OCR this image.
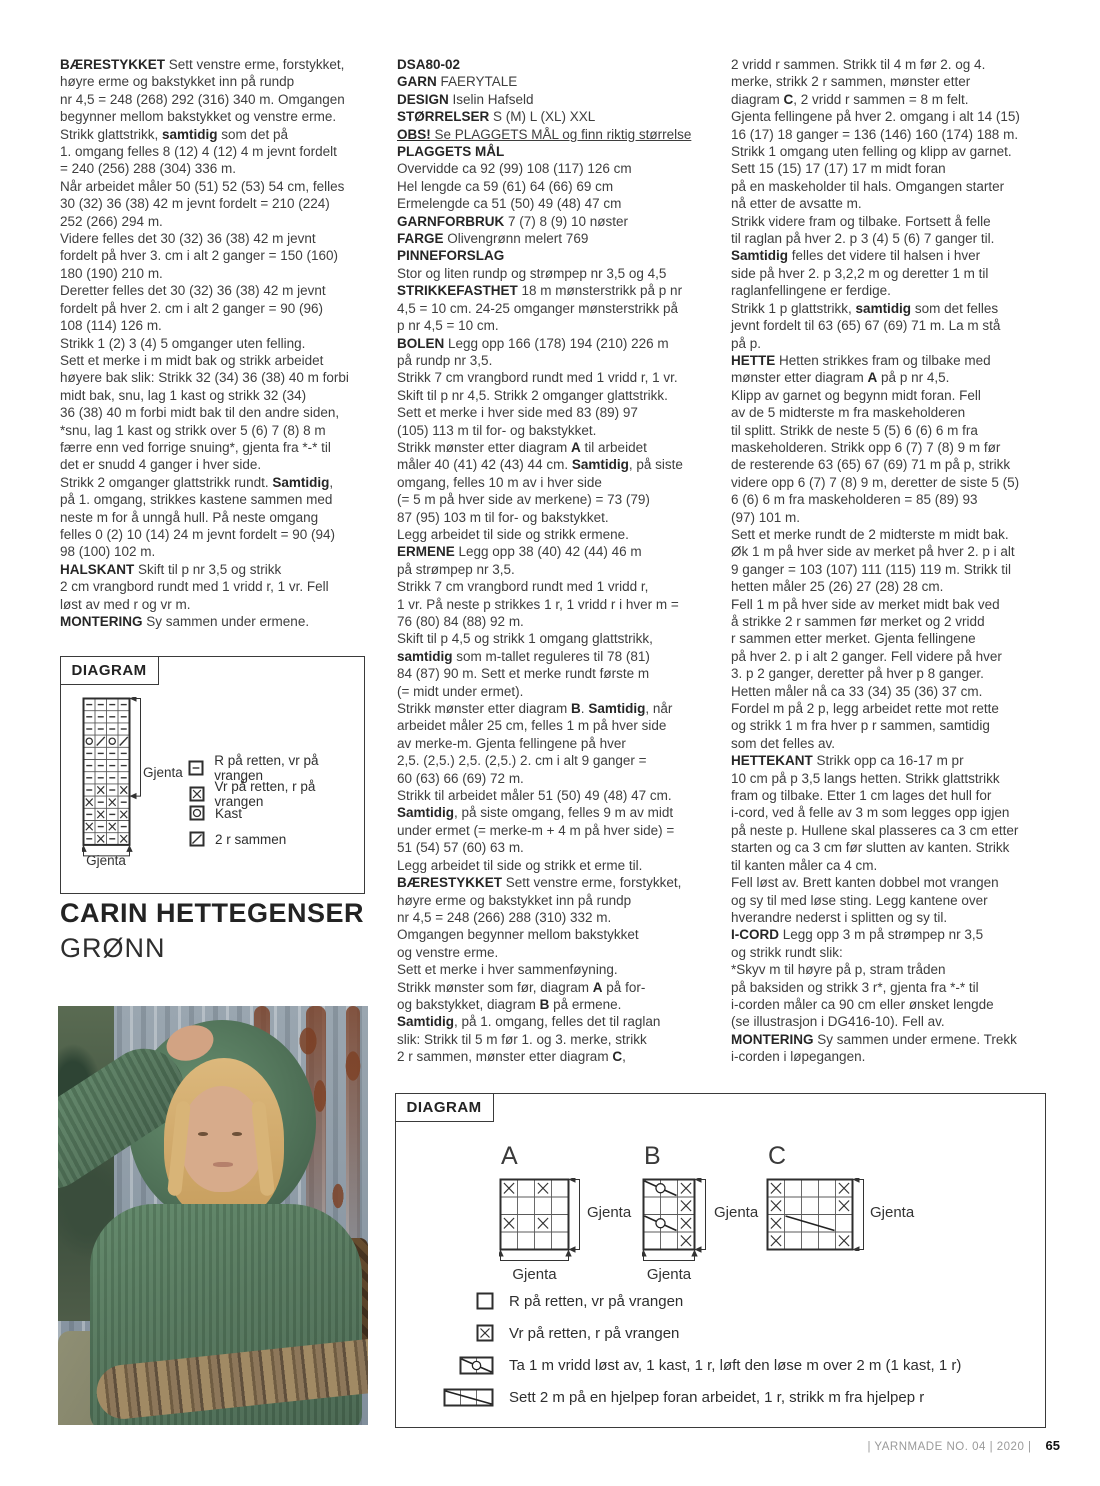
BÆRESTYKKET Sett venstre erme, forstykket,
høyre erme og bakstykket inn på rundp
nr 4,5 = 248 (268) 292 (316) 340 m. Omgangen
begynner mellom bakstykket og venstre erme.
Strikk glattstrikk, samtidig som det på
1. omgang felles 8 (12) 4 (12) 4 m jevnt fordelt
= 240 (256) 288 (304) 336 m.
Når arbeidet måler 50 (51) 52 (53) 54 cm, felles
30 (32) 36 (38) 42 m jevnt fordelt = 210 (224)
252 (266) 294 m.
Videre felles det 30 (32) 36 (38) 42 m jevnt
fordelt på hver 3. cm i alt 2 ganger = 150 (160)
180 (190) 210 m.
Deretter felles det 30 (32) 36 (38) 42 m jevnt
fordelt på hver 2. cm i alt 2 ganger = 90 (96)
108 (114) 126 m.
Strikk 1 (2) 3 (4) 5 omganger uten felling.
Sett et merke i m midt bak og strikk arbeidet
høyere bak slik: Strikk 32 (34) 36 (38) 40 m forbi
midt bak, snu, lag 1 kast og strikk 32 (34)
36 (38) 40 m forbi midt bak til den andre siden,
*snu, lag 1 kast og strikk over 5 (6) 7 (8) 8 m
færre enn ved forrige snuing*, gjenta fra *-* til
det er snudd 4 ganger i hver side.
Strikk 2 omganger glattstrikk rundt. Samtidig,
på 1. omgang, strikkes kastene sammen med
neste m for å unngå hull. På neste omgang
felles 0 (2) 10 (14) 24 m jevnt fordelt = 90 (94)
98 (100) 102 m.
HALSKANT Skift til p nr 3,5 og strikk
2 cm vrangbord rundt med 1 vridd r, 1 vr. Fell
løst av med r og vr m.
MONTERING Sy sammen under ermene.
DSA80-02
GARN FAERYTALE
DESIGN Iselin Hafseld
STØRRELSER S (M) L (XL) XXL
OBS! Se PLAGGETS MÅL og finn riktig størrelse
PLAGGETS MÅL
Overvidde ca 92 (99) 108 (117) 126 cm
Hel lengde ca 59 (61) 64 (66) 69 cm
Ermelengde ca 51 (50) 49 (48) 47 cm
GARNFORBRUK 7 (7) 8 (9) 10 nøster
FARGE Olivengrønn melert 769
PINNEFORSLAG
Stor og liten rundp og strømpep nr 3,5 og 4,5
STRIKKEFASTHET 18 m mønsterstrikk på p nr
4,5 = 10 cm. 24-25 omganger mønsterstrikk på
p nr 4,5 = 10 cm.
BOLEN Legg opp 166 (178) 194 (210) 226 m
på rundp nr 3,5.
Strikk 7 cm vrangbord rundt med 1 vridd r, 1 vr.
Skift til p nr 4,5. Strikk 2 omganger glattstrikk.
Sett et merke i hver side med 83 (89) 97
(105) 113 m til for- og bakstykket.
Strikk mønster etter diagram A til arbeidet
måler 40 (41) 42 (43) 44 cm. Samtidig, på siste
omgang, felles 10 m av i hver side
(= 5 m på hver side av merkene) = 73 (79)
87 (95) 103 m til for- og bakstykket.
Legg arbeidet til side og strikk ermene.
ERMENE Legg opp 38 (40) 42 (44) 46 m
på strømpep nr 3,5.
Strikk 7 cm vrangbord rundt med 1 vridd r,
1 vr. På neste p strikkes 1 r, 1 vridd r i hver m =
76 (80) 84 (88) 92 m.
Skift til p 4,5 og strikk 1 omgang glattstrikk,
samtidig som m-tallet reguleres til 78 (81)
84 (87) 90 m. Sett et merke rundt første m
(= midt under ermet).
Strikk mønster etter diagram B. Samtidig, når
arbeidet måler 25 cm, felles 1 m på hver side
av merke-m. Gjenta fellingene på hver
2,5. (2,5.) 2,5. (2,5.) 2. cm i alt 9 ganger =
60 (63) 66 (69) 72 m.
Strikk til arbeidet måler 51 (50) 49 (48) 47 cm.
Samtidig, på siste omgang, felles 9 m av midt
under ermet (= merke-m + 4 m på hver side) =
51 (54) 57 (60) 63 m.
Legg arbeidet til side og strikk et erme til.
BÆRESTYKKET Sett venstre erme, forstykket,
høyre erme og bakstykket inn på rundp
nr 4,5 = 248 (266) 288 (310) 332 m.
Omgangen begynner mellom bakstykket
og venstre erme.
Sett et merke i hver sammenføyning.
Strikk mønster som før, diagram A på for-
og bakstykket, diagram B på ermene.
Samtidig, på 1. omgang, felles det til raglan
slik: Strikk til 5 m før 1. og 3. merke, strikk
2 r sammen, mønster etter diagram C,
2 vridd r sammen. Strikk til 4 m før 2. og 4.
merke, strikk 2 r sammen, mønster etter
diagram C, 2 vridd r sammen = 8 m felt.
Gjenta fellingene på hver 2. omgang i alt 14 (15)
16 (17) 18 ganger = 136 (146) 160 (174) 188 m.
Strikk 1 omgang uten felling og klipp av garnet.
Sett 15 (15) 17 (17) 17 m midt foran
på en maskeholder til hals. Omgangen starter
nå etter de avsatte m.
Strikk videre fram og tilbake. Fortsett å felle
til raglan på hver 2. p 3 (4) 5 (6) 7 ganger til.
Samtidig felles det videre til halsen i hver
side på hver 2. p 3,2,2 m og deretter 1 m til
raglanfellingene er ferdige.
Strikk 1 p glattstrikk, samtidig som det felles
jevnt fordelt til 63 (65) 67 (69) 71 m. La m stå
på p.
HETTE Hetten strikkes fram og tilbake med
mønster etter diagram A på p nr 4,5.
Klipp av garnet og begynn midt foran. Fell
av de 5 midterste m fra maskeholderen
til splitt. Strikk de neste 5 (5) 6 (6) 6 m fra
maskeholderen. Strikk opp 6 (7) 7 (8) 9 m før
de resterende 63 (65) 67 (69) 71 m på p, strikk
videre opp 6 (7) 7 (8) 9 m, deretter de siste 5 (5)
6 (6) 6 m fra maskeholderen = 85 (89) 93
(97) 101 m.
Sett et merke rundt de 2 midterste m midt bak.
Øk 1 m på hver side av merket på hver 2. p i alt
9 ganger = 103 (107) 111 (115) 119 m. Strikk til
hetten måler 25 (26) 27 (28) 28 cm.
Fell 1 m på hver side av merket midt bak ved
å strikke 2 r sammen før merket og 2 vridd
r sammen etter merket. Gjenta fellingene
på hver 2. p i alt 2 ganger. Fell videre på hver
3. p 2 ganger, deretter på hver p 8 ganger.
Hetten måler nå ca 33 (34) 35 (36) 37 cm.
Fordel m på 2 p, legg arbeidet rette mot rette
og strikk 1 m fra hver p r sammen, samtidig
som det felles av.
HETTEKANT Strikk opp ca 16-17 m pr
10 cm på p 3,5 langs hetten. Strikk glattstrikk
fram og tilbake. Etter 1 cm lages det hull for
i-cord, ved å felle av 3 m som legges opp igjen
på neste p. Hullene skal plasseres ca 3 cm etter
starten og ca 3 cm før slutten av kanten. Strikk
til kanten måler ca 4 cm.
Fell løst av. Brett kanten dobbel mot vrangen
og sy til med løse sting. Legg kantene over
hverandre nederst i splitten og sy til.
I-CORD Legg opp 3 m på strømpep nr 3,5
og strikk rundt slik:
*Skyv m til høyre på p, stram tråden
på baksiden og strikk 3 r*, gjenta fra *-* til
i-corden måler ca 90 cm eller ønsket lengde
(se illustrasjon i DG416-10). Fell av.
MONTERING Sy sammen under ermene. Trekk
i-corden i løpegangen.
DIAGRAM
Gjenta
Gjenta
R på retten, vr på vrangen
Vr på retten, r på vrangen
Kast
2 r sammen
CARIN HETTEGENSER
GRØNN
DIAGRAM
A
Gjenta
Gjenta
B
Gjenta
Gjenta
C
Gjenta
R på retten, vr på vrangen
Vr på retten, r på vrangen
Ta 1 m vridd løst av, 1 kast, 1 r, løft den løse m over 2 m (1 kast, 1 r)
Sett 2 m på en hjelpep foran arbeidet, 1 r, strikk m fra hjelpep r
| YARNMADE NO. 04 | 2020 | 65
